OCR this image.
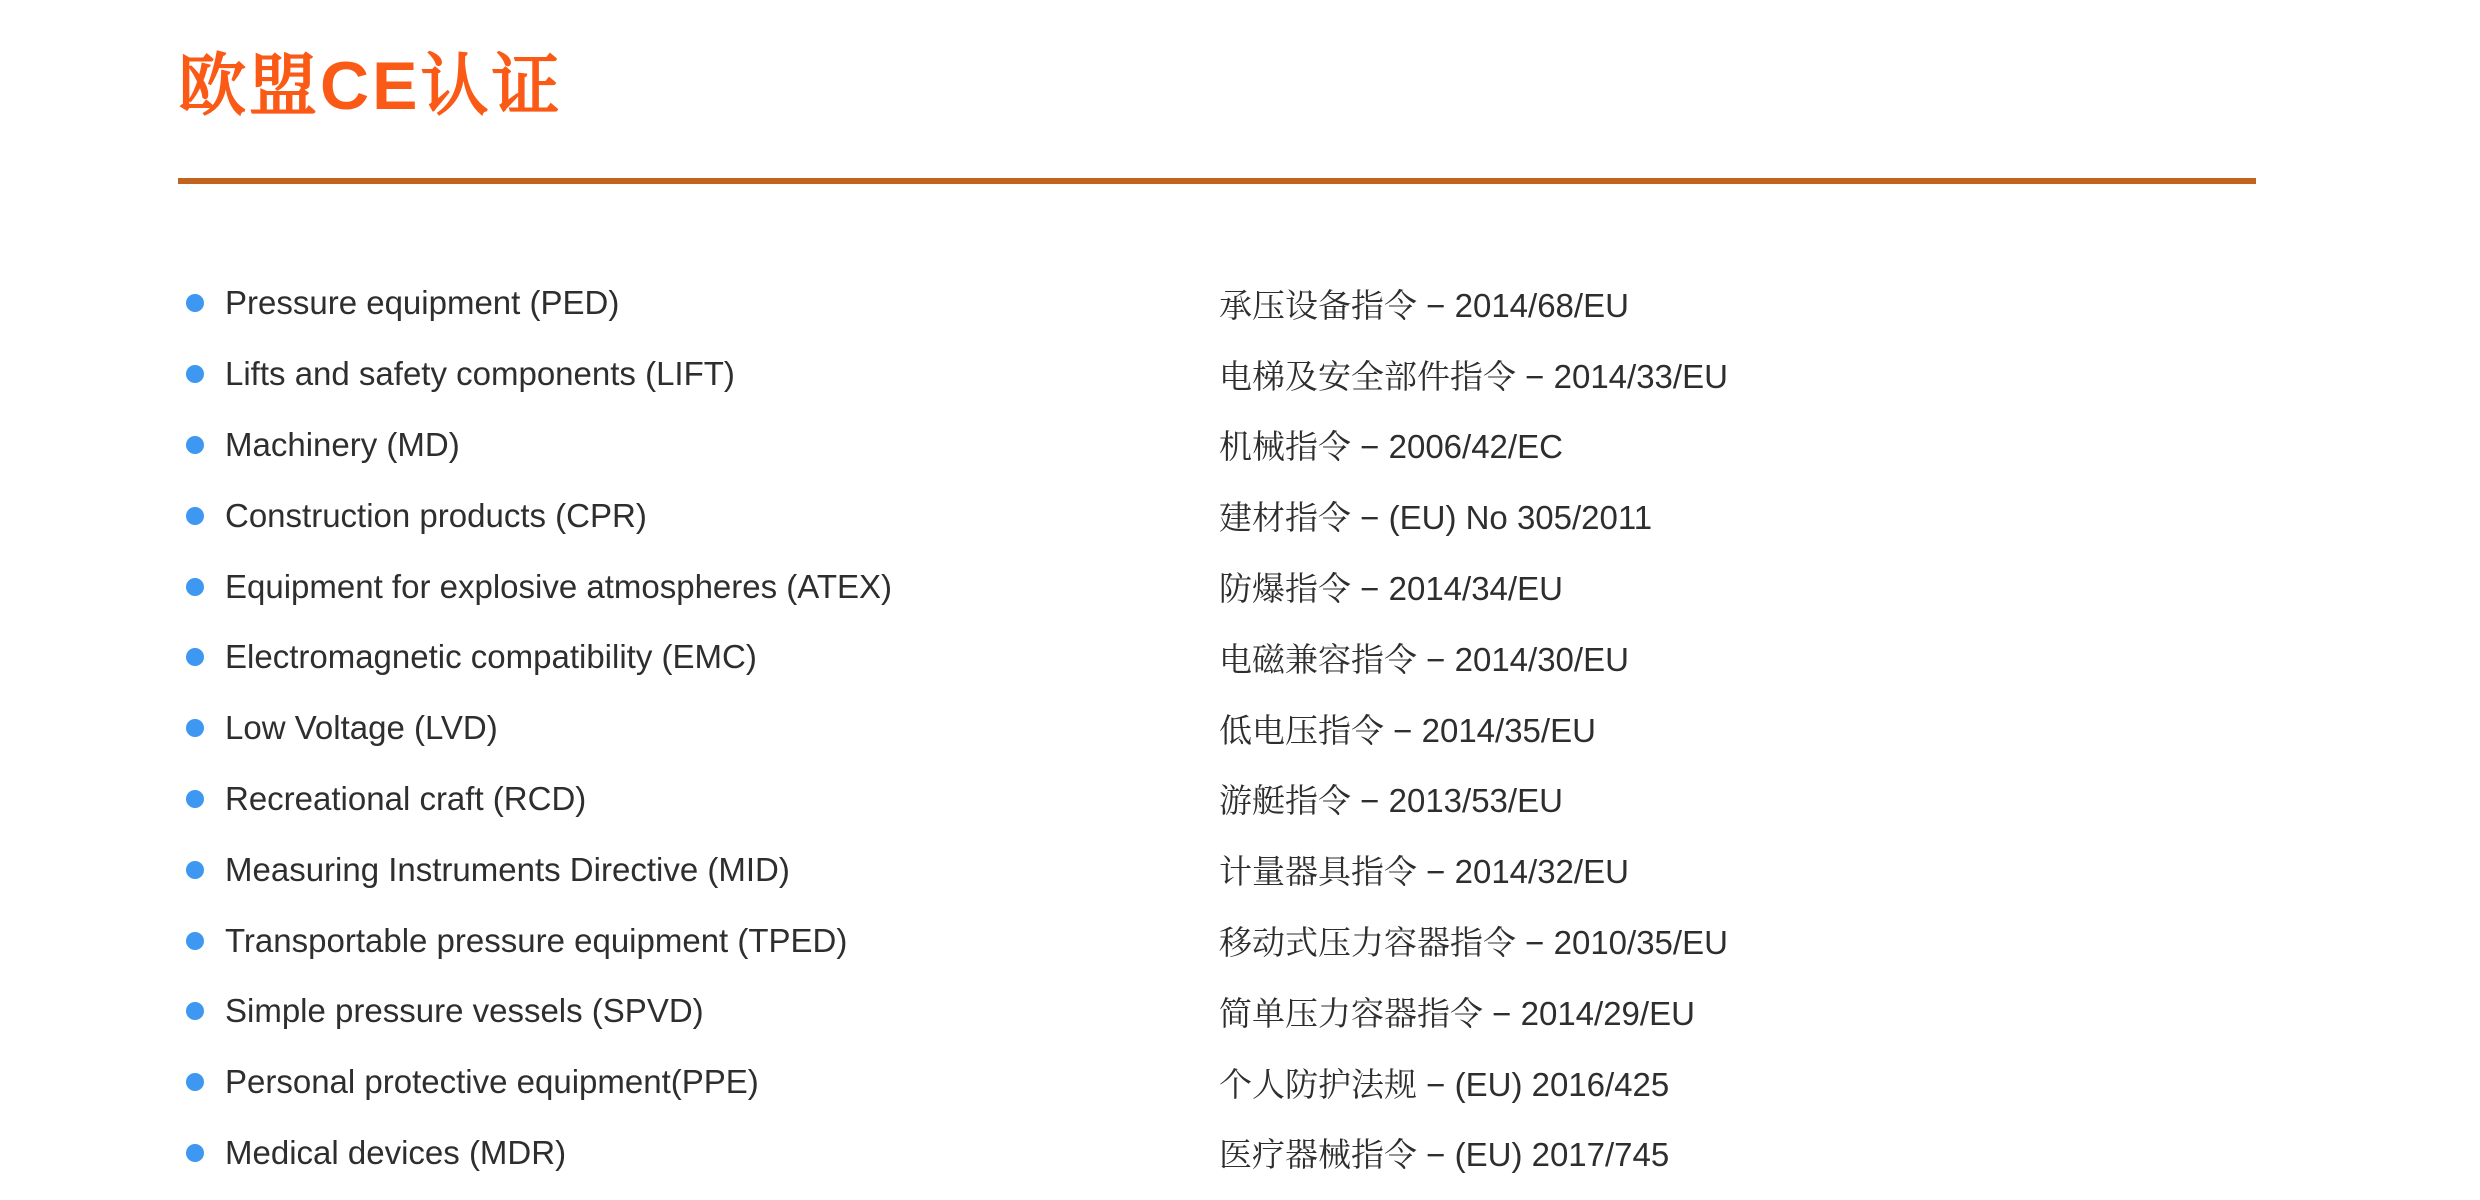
欧盟CE认证
Pressure equipment (PED)	承压设备指令 − 2014/68/EU
Lifts and safety components (LIFT)	电梯及安全部件指令 − 2014/33/EU
Machinery (MD)	机械指令 − 2006/42/EC
Construction products (CPR)	建材指令 − (EU) No 305/2011
Equipment for explosive atmospheres (ATEX)	防爆指令 − 2014/34/EU
Electromagnetic compatibility (EMC)	电磁兼容指令 − 2014/30/EU
Low Voltage (LVD)	低电压指令 − 2014/35/EU
Recreational craft (RCD)	游艇指令 − 2013/53/EU
Measuring Instruments Directive (MID)	计量器具指令 − 2014/32/EU
Transportable pressure equipment (TPED)	移动式压力容器指令 − 2010/35/EU
Simple pressure vessels (SPVD)	简单压力容器指令 − 2014/29/EU
Personal protective equipment(PPE)	个人防护法规 − (EU) 2016/425
Medical devices (MDR)	医疗器械指令 − (EU) 2017/745
